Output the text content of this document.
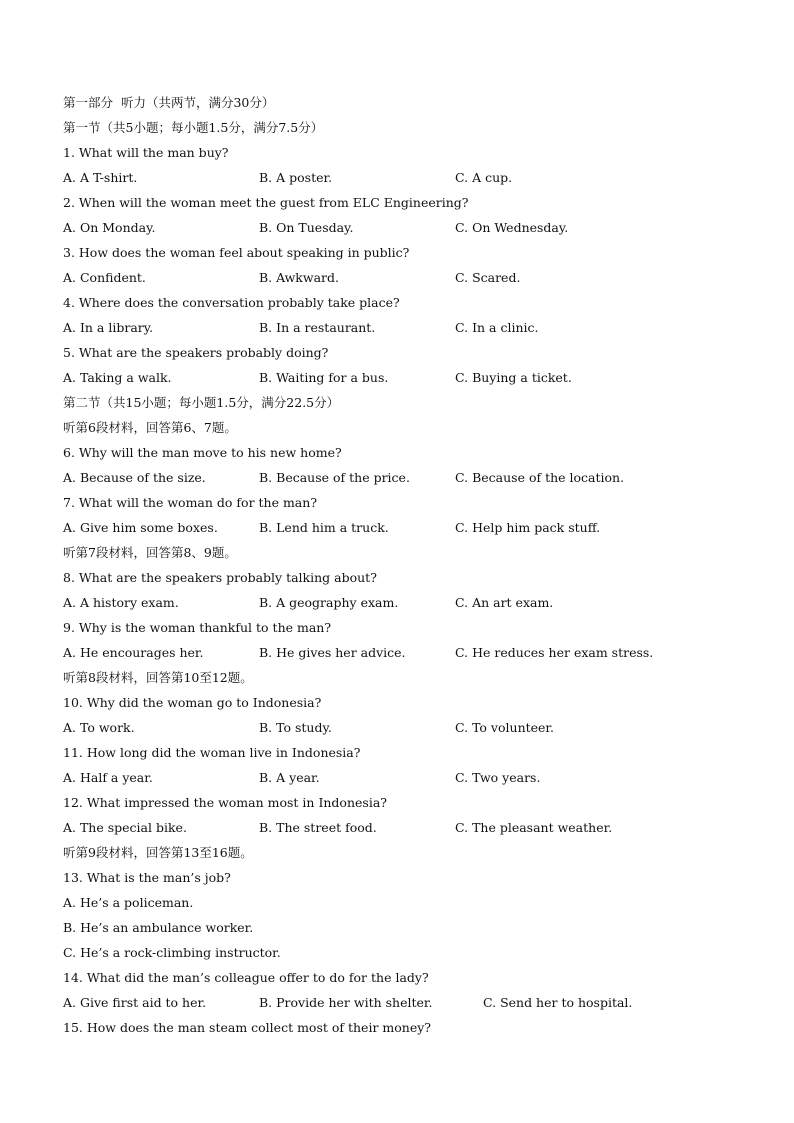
第一部分  听力（共两节，满分30分）
第一节（共5小题；每小题1.5分，满分7.5分）
1. What will the man buy?
A. A T-shirt.	B. A poster.	C. A cup.
2. When will the woman meet the guest from ELC Engineering?
A. On Monday.	B. On Tuesday.	C. On Wednesday.
3. How does the woman feel about speaking in public?
A. Confident.	B. Awkward.	C. Scared.
4. Where does the conversation probably take place?
A. In a library.	B. In a restaurant.	C. In a clinic.
5. What are the speakers probably doing?
A. Taking a walk.	B. Waiting for a bus.	C. Buying a ticket.
第二节（共15小题；每小题1.5分，满分22.5分）
听第6段材料，回答第6、7题。
6. Why will the man move to his new home?
A. Because of the size.	B. Because of the price.	C. Because of the location.
7. What will the woman do for the man?
A. Give him some boxes.	B. Lend him a truck.	C. Help him pack stuff.
听第7段材料，回答第8、9题。
8. What are the speakers probably talking about?
A. A history exam.	B. A geography exam.	C. An art exam.
9. Why is the woman thankful to the man?
A. He encourages her.	B. He gives her advice.	C. He reduces her exam stress.
听第8段材料，回答第10至12题。
10. Why did the woman go to Indonesia?
A. To work.	B. To study.	C. To volunteer.
11. How long did the woman live in Indonesia?
A. Half a year.	B. A year.	C. Two years.
12. What impressed the woman most in Indonesia?
A. The special bike.	B. The street food.	C. The pleasant weather.
听第9段材料，回答第13至16题。
13. What is the man’s job?
A. He’s a policeman.
B. He’s an ambulance worker.
C. He’s a rock-climbing instructor.
14. What did the man’s colleague offer to do for the lady?
A. Give first aid to her.	B. Provide her with shelter.	C. Send her to hospital.
15. How does the man steam collect most of their money?
